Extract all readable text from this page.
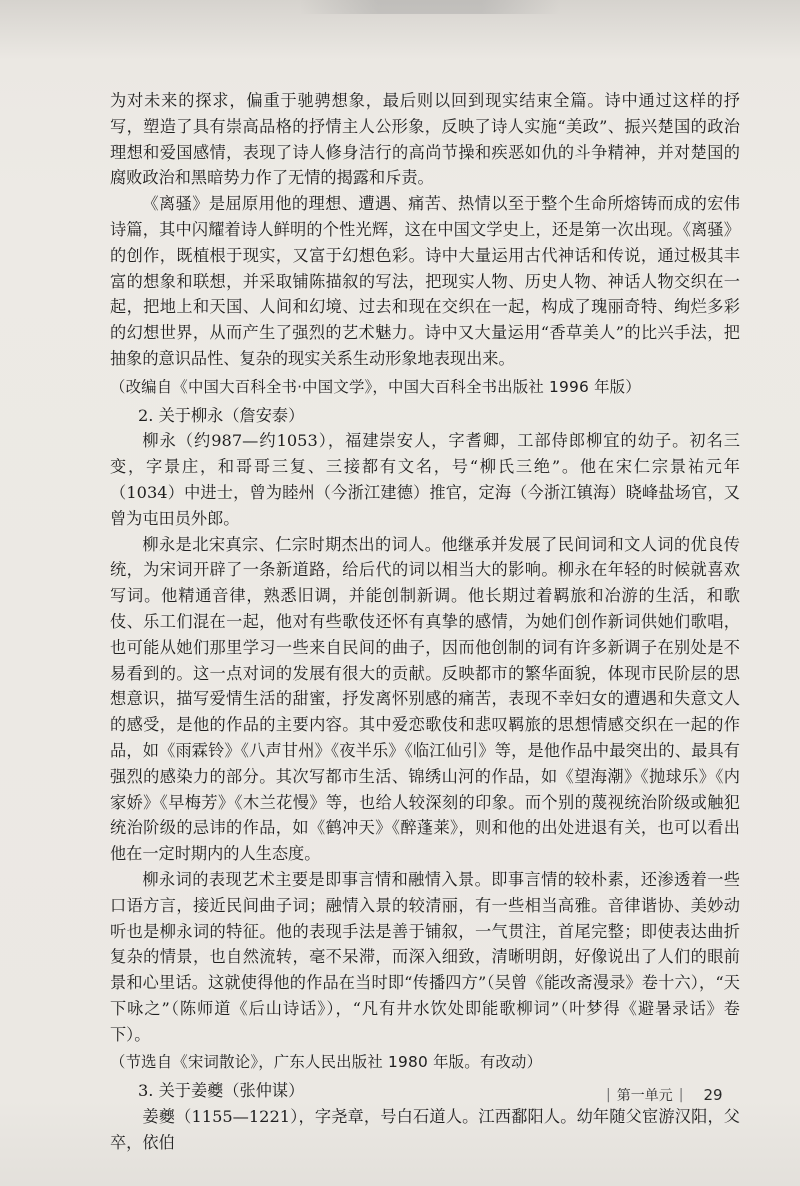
为对未来的探求，偏重于驰骋想象，最后则以回到现实结束全篇。诗中通过这样的抒写，塑造了具有崇高品格的抒情主人公形象，反映了诗人实施“美政”、振兴楚国的政治理想和爱国感情，表现了诗人修身洁行的高尚节操和疾恶如仇的斗争精神，并对楚国的腐败政治和黑暗势力作了无情的揭露和斥责。

《离骚》是屈原用他的理想、遭遇、痛苦、热情以至于整个生命所熔铸而成的宏伟诗篇，其中闪耀着诗人鲜明的个性光辉，这在中国文学史上，还是第一次出现。《离骚》的创作，既植根于现实，又富于幻想色彩。诗中大量运用古代神话和传说，通过极其丰富的想象和联想，并采取铺陈描叙的写法，把现实人物、历史人物、神话人物交织在一起，把地上和天国、人间和幻境、过去和现在交织在一起，构成了瑰丽奇特、绚烂多彩的幻想世界，从而产生了强烈的艺术魅力。诗中又大量运用“香草美人”的比兴手法，把抽象的意识品性、复杂的现实关系生动形象地表现出来。

（改编自《中国大百科全书·中国文学》，中国大百科全书出版社 1996 年版）

2. 关于柳永（詹安泰）

柳永（约987—约1053），福建崇安人，字耆卿，工部侍郎柳宜的幼子。初名三变，字景庄，和哥哥三复、三接都有文名，号“柳氏三绝”。他在宋仁宗景祐元年（1034）中进士，曾为睦州（今浙江建德）推官，定海（今浙江镇海）晓峰盐场官，又曾为屯田员外郎。

柳永是北宋真宗、仁宗时期杰出的词人。他继承并发展了民间词和文人词的优良传统，为宋词开辟了一条新道路，给后代的词以相当大的影响。柳永在年轻的时候就喜欢写词。他精通音律，熟悉旧调，并能创制新调。他长期过着羁旅和冶游的生活，和歌伎、乐工们混在一起，他对有些歌伎还怀有真挚的感情，为她们创作新词供她们歌唱，也可能从她们那里学习一些来自民间的曲子，因而他创制的词有许多新调子在别处是不易看到的。这一点对词的发展有很大的贡献。反映都市的繁华面貌，体现市民阶层的思想意识，描写爱情生活的甜蜜，抒发离怀别感的痛苦，表现不幸妇女的遭遇和失意文人的感受，是他的作品的主要内容。其中爱恋歌伎和悲叹羁旅的思想情感交织在一起的作品，如《雨霖铃》《八声甘州》《夜半乐》《临江仙引》等，是他作品中最突出的、最具有强烈的感染力的部分。其次写都市生活、锦绣山河的作品，如《望海潮》《抛球乐》《内家娇》《早梅芳》《木兰花慢》等，也给人较深刻的印象。而个别的蔑视统治阶级或触犯统治阶级的忌讳的作品，如《鹤冲天》《醉蓬莱》，则和他的出处进退有关，也可以看出他在一定时期内的人生态度。

柳永词的表现艺术主要是即事言情和融情入景。即事言情的较朴素，还渗透着一些口语方言，接近民间曲子词；融情入景的较清丽，有一些相当高雅。音律谐协、美妙动听也是柳永词的特征。他的表现手法是善于铺叙，一气贯注，首尾完整；即使表达曲折复杂的情景，也自然流转，毫不呆滞，而深入细致，清晰明朗，好像说出了人们的眼前景和心里话。这就使得他的作品在当时即“传播四方”（吴曾《能改斋漫录》卷十六），“天下咏之”（陈师道《后山诗话》），“凡有井水饮处即能歌柳词”（叶梦得《避暑录话》卷下）。

（节选自《宋词散论》，广东人民出版社 1980 年版。有改动）

3. 关于姜夔（张仲谋）

姜夔（1155—1221），字尧章，号白石道人。江西鄱阳人。幼年随父宦游汉阳，父卒，依伯

| 第一单元 | 29
